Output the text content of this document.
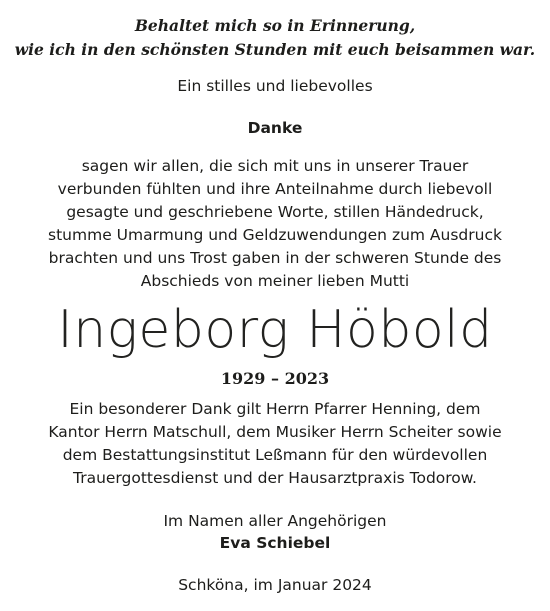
Behaltet mich so in Erinnerung,
wie ich in den schönsten Stunden mit euch beisammen war.
Ein stilles und liebevolles
Danke
sagen wir allen, die sich mit uns in unserer Trauer
verbunden fühlten und ihre Anteilnahme durch liebevoll
gesagte und geschriebene Worte, stillen Händedruck,
stumme Umarmung und Geldzuwendungen zum Ausdruck
brachten und uns Trost gaben in der schweren Stunde des
Abschieds von meiner lieben Mutti
Ingeborg Höbold
1929 – 2023
Ein besonderer Dank gilt Herrn Pfarrer Henning, dem
Kantor Herrn Matschull, dem Musiker Herrn Scheiter sowie
dem Bestattungsinstitut Leßmann für den würdevollen
Trauergottesdienst und der Hausarztpraxis Todorow.
Im Namen aller Angehörigen
Eva Schiebel
Schköna, im Januar 2024
